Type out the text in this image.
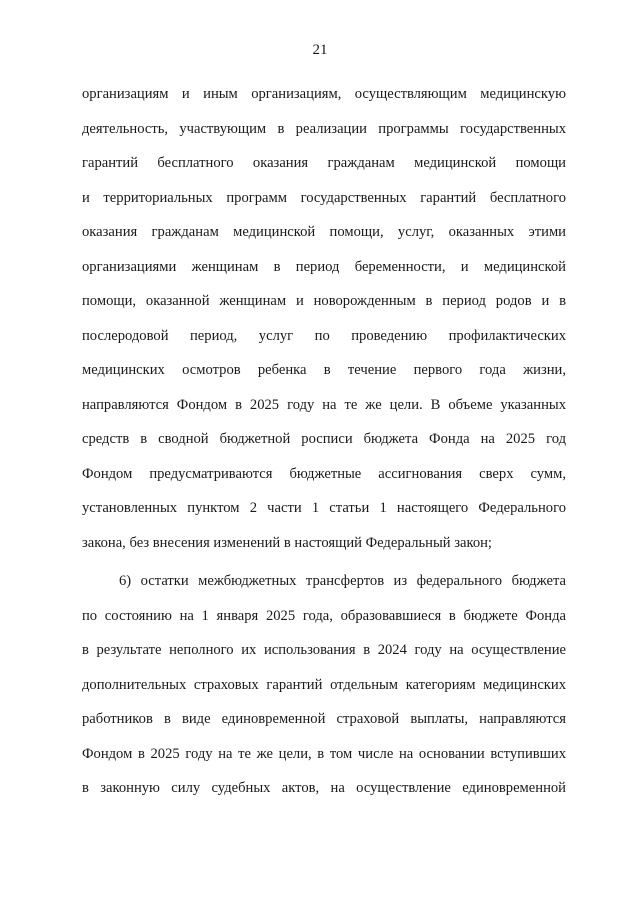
21
организациям и иным организациям, осуществляющим медицинскую
деятельность, участвующим в реализации программы государственных
гарантий бесплатного оказания гражданам медицинской помощи
и территориальных программ государственных гарантий бесплатного
оказания гражданам медицинской помощи, услуг, оказанных этими
организациями женщинам в период беременности, и медицинской
помощи, оказанной женщинам и новорожденным в период родов и в
послеродовой период, услуг по проведению профилактических
медицинских осмотров ребенка в течение первого года жизни,
направляются Фондом в 2025 году на те же цели. В объеме указанных
средств в сводной бюджетной росписи бюджета Фонда на 2025 год
Фондом предусматриваются бюджетные ассигнования сверх сумм,
установленных пунктом 2 части 1 статьи 1 настоящего Федерального
закона, без внесения изменений в настоящий Федеральный закон;
6) остатки межбюджетных трансфертов из федерального бюджета
по состоянию на 1 января 2025 года, образовавшиеся в бюджете Фонда
в результате неполного их использования в 2024 году на осуществление
дополнительных страховых гарантий отдельным категориям медицинских
работников в виде единовременной страховой выплаты, направляются
Фондом в 2025 году на те же цели, в том числе на основании вступивших
в законную силу судебных актов, на осуществление единовременной
